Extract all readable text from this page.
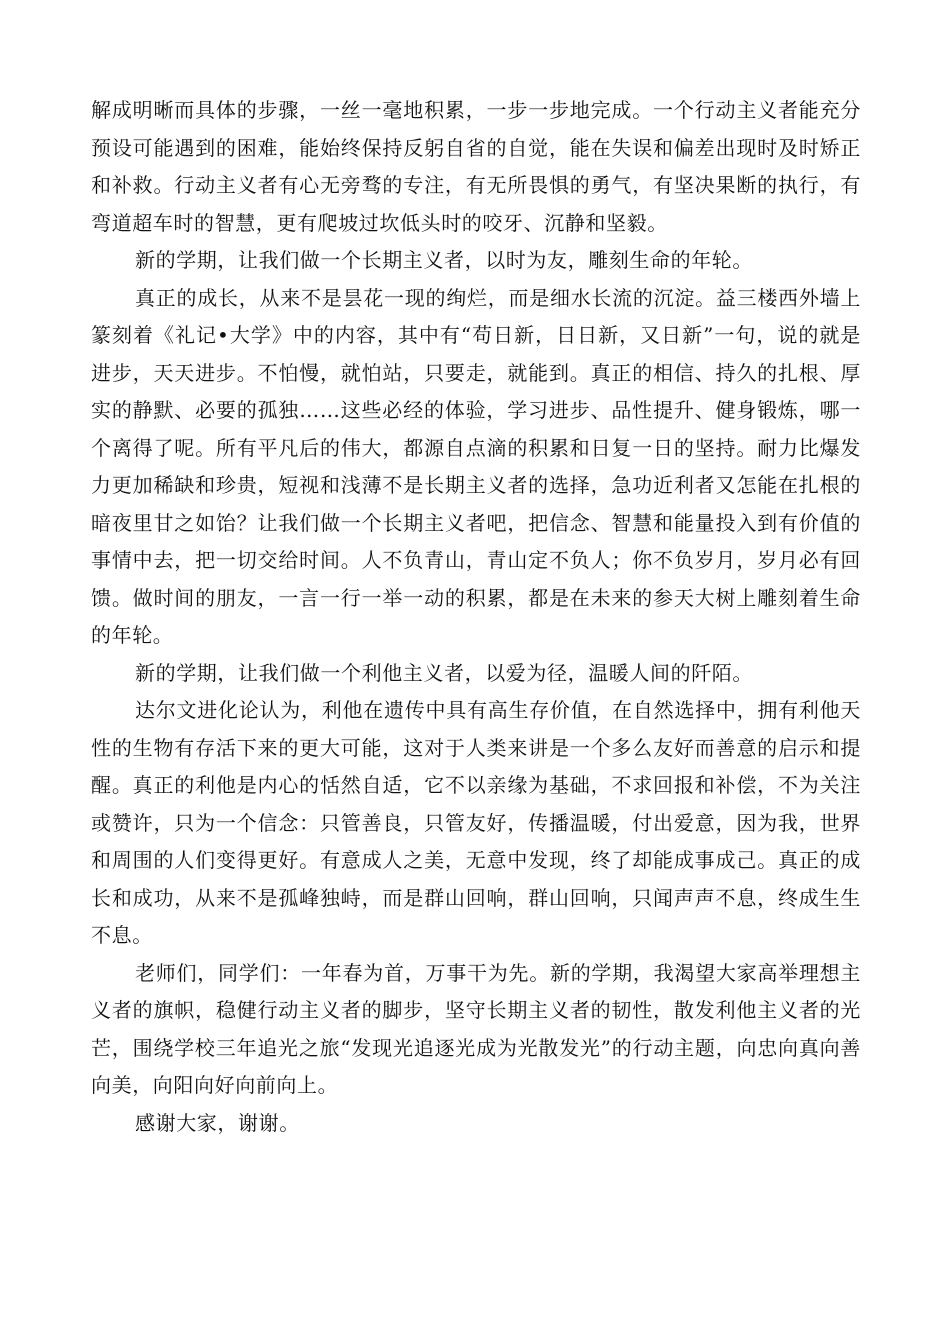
解成明晰而具体的步骤，一丝一毫地积累，一步一步地完成。一个行动主义者能充分预设可能遇到的困难，能始终保持反躬自省的自觉，能在失误和偏差出现时及时矫正和补救。行动主义者有心无旁骛的专注，有无所畏惧的勇气，有坚决果断的执行，有弯道超车时的智慧，更有爬坡过坎低头时的咬牙、沉静和坚毅。

新的学期，让我们做一个长期主义者，以时为友，雕刻生命的年轮。

真正的成长，从来不是昙花一现的绚烂，而是细水长流的沉淀。益三楼西外墙上篆刻着《礼记•大学》中的内容，其中有“苟日新，日日新，又日新”一句，说的就是进步，天天进步。不怕慢，就怕站，只要走，就能到。真正的相信、持久的扎根、厚实的静默、必要的孤独……这些必经的体验，学习进步、品性提升、健身锻炼，哪一个离得了呢。所有平凡后的伟大，都源自点滴的积累和日复一日的坚持。耐力比爆发力更加稀缺和珍贵，短视和浅薄不是长期主义者的选择，急功近利者又怎能在扎根的暗夜里甘之如饴？让我们做一个长期主义者吧，把信念、智慧和能量投入到有价值的事情中去，把一切交给时间。人不负青山，青山定不负人；你不负岁月，岁月必有回馈。做时间的朋友，一言一行一举一动的积累，都是在未来的参天大树上雕刻着生命的年轮。

新的学期，让我们做一个利他主义者，以爱为径，温暖人间的阡陌。

达尔文进化论认为，利他在遗传中具有高生存价值，在自然选择中，拥有利他天性的生物有存活下来的更大可能，这对于人类来讲是一个多么友好而善意的启示和提醒。真正的利他是内心的恬然自适，它不以亲缘为基础，不求回报和补偿，不为关注或赞许，只为一个信念：只管善良，只管友好，传播温暖，付出爱意，因为我，世界和周围的人们变得更好。有意成人之美，无意中发现，终了却能成事成己。真正的成长和成功，从来不是孤峰独峙，而是群山回响，群山回响，只闻声声不息，终成生生不息。

老师们，同学们：一年春为首，万事干为先。新的学期，我渴望大家高举理想主义者的旗帜，稳健行动主义者的脚步，坚守长期主义者的韧性，散发利他主义者的光芒，围绕学校三年追光之旅“发现光追逐光成为光散发光”的行动主题，向忠向真向善向美，向阳向好向前向上。

感谢大家，谢谢。
